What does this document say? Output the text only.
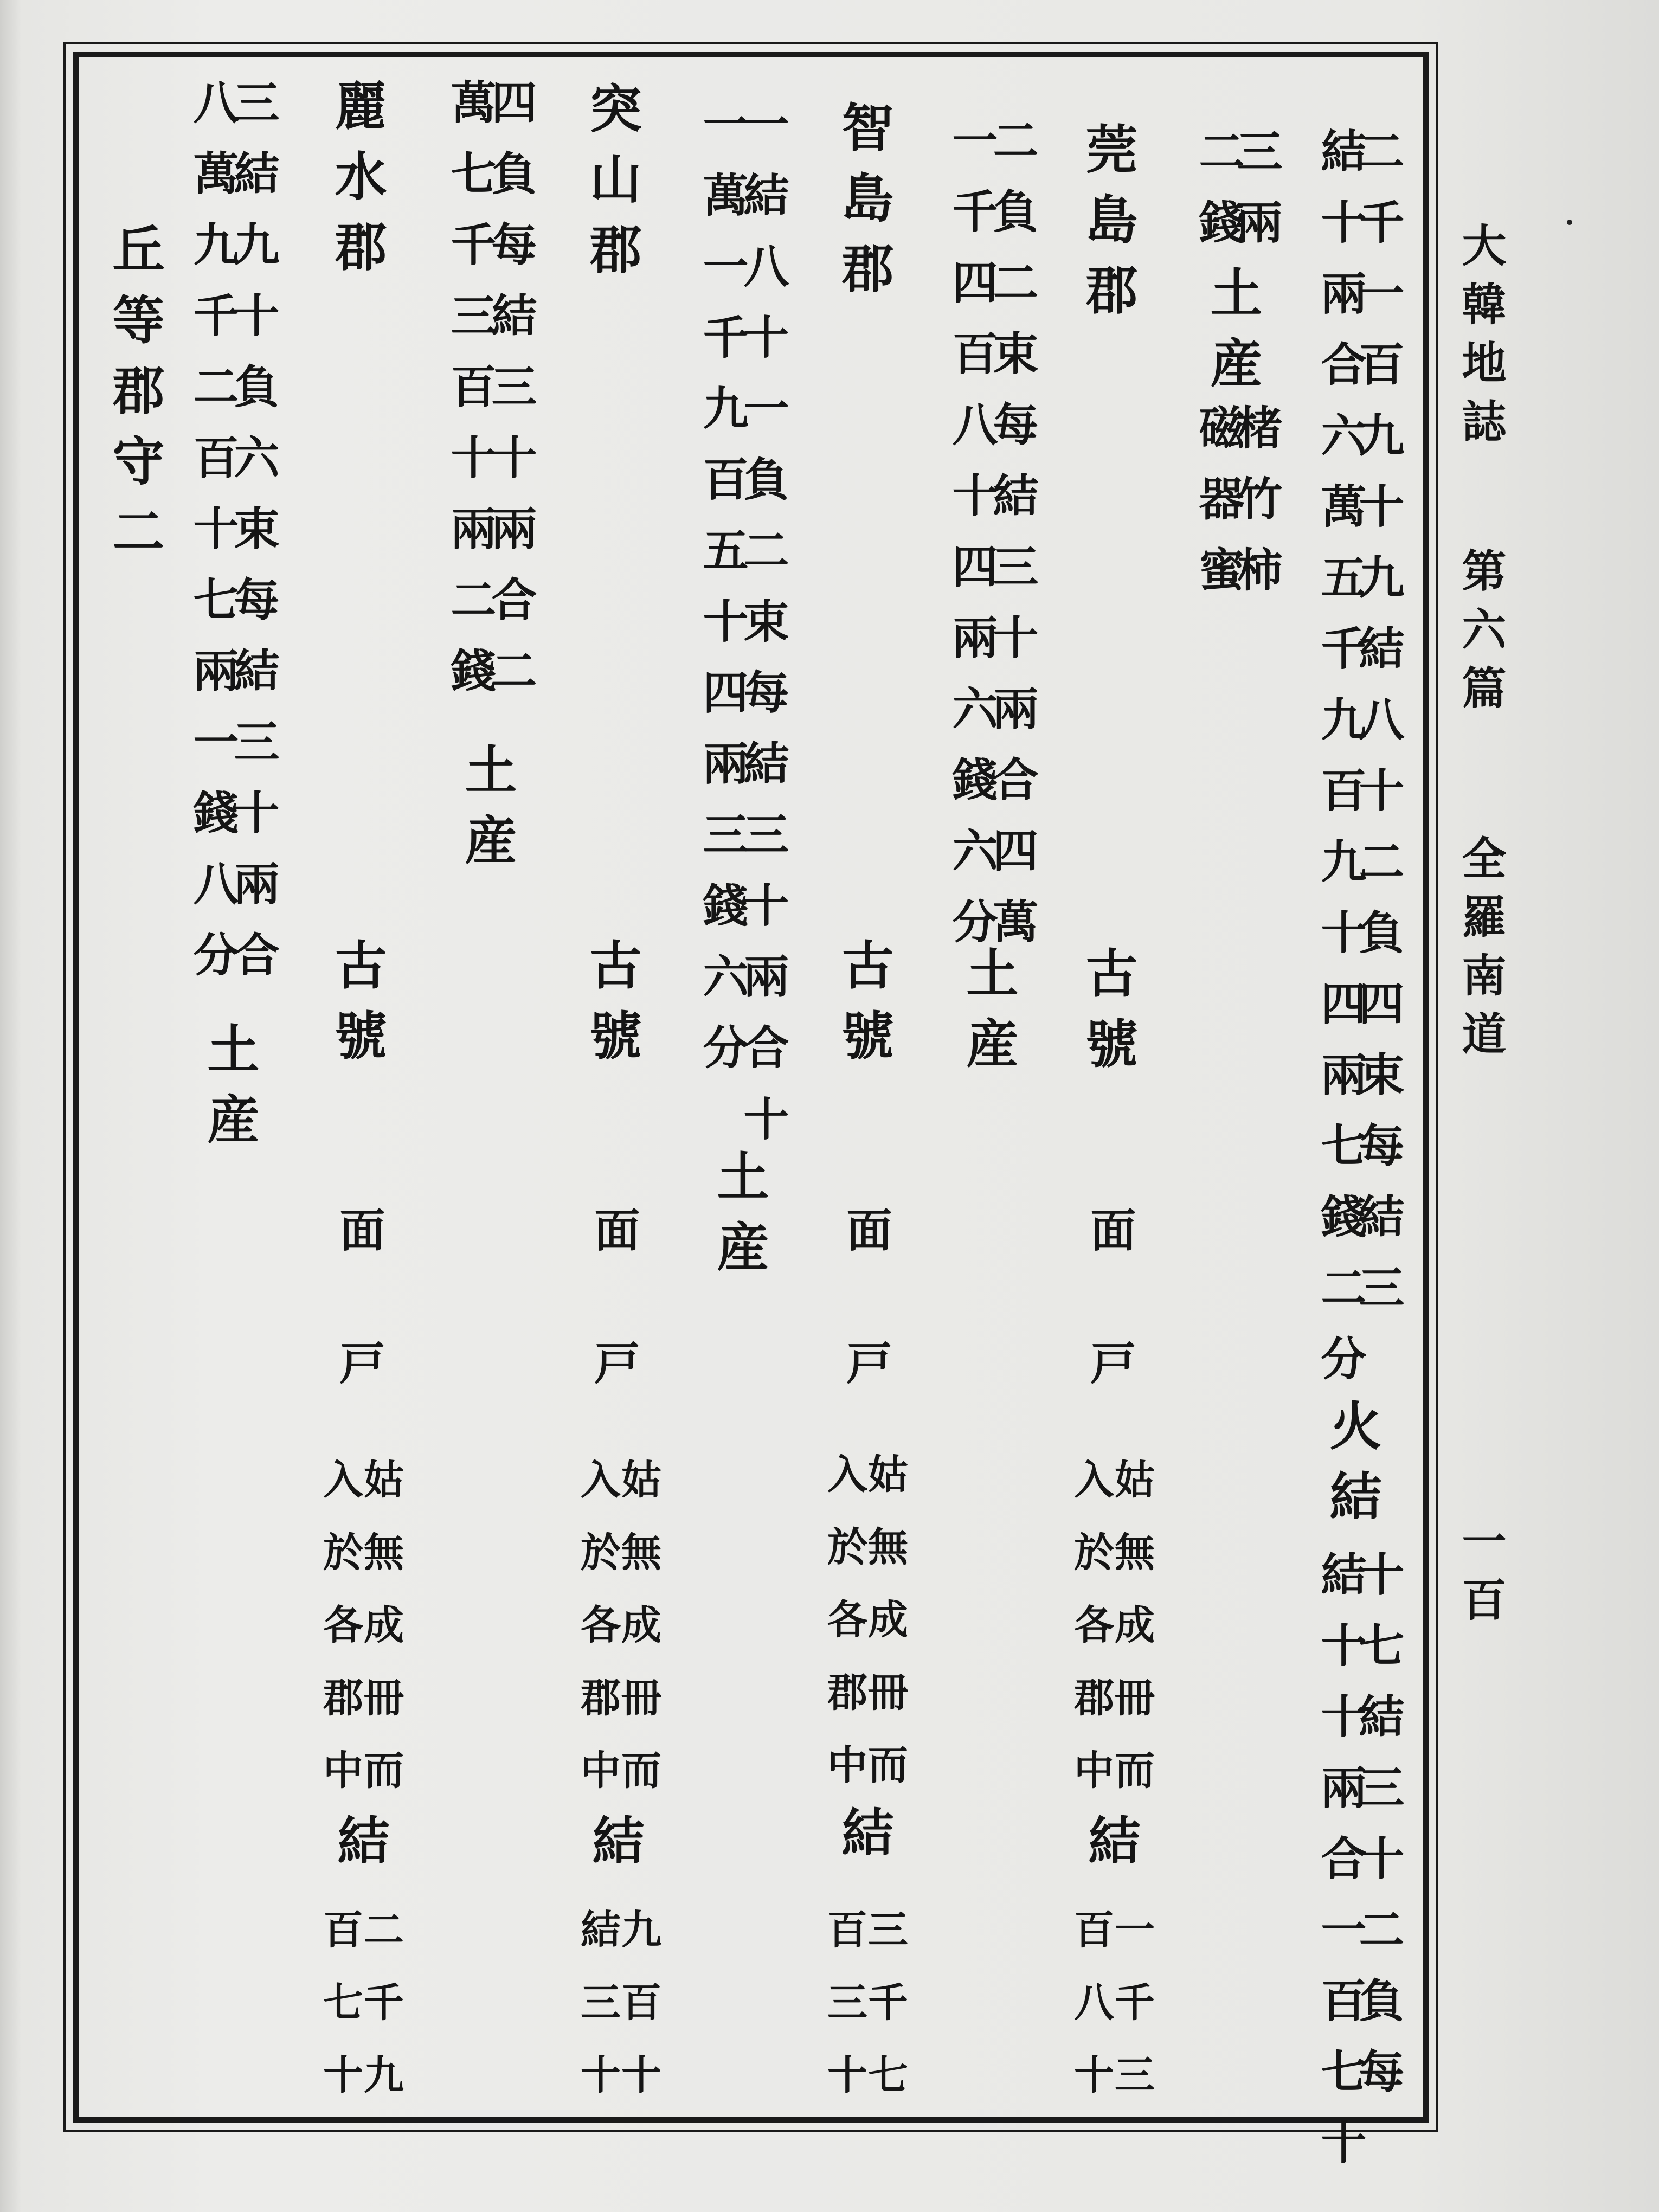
大韓地誌
第六篇
全羅南道
一百
結十兩合六萬五千九百九十四兩七錢二分
二千一百九十九結八十二負四束每結三
火結
結十十兩合一百七十
十七結三十二負每
二錢
三兩
土産
磁器蜜
楮竹柿
莞島郡
古號
面
戸
入於各郡中
姑無成冊而
結
百八十
一千三
一千四百八十四兩六錢六分
二負二束每結三十兩合四萬
土産
智島郡
古號
面
戸
入於各郡中
姑無成冊而
結
百三十
三千七
一萬一千九百五十四兩三錢六分
一結八十一負二束每結三十兩合
十
土産
突山郡
古號
面
戸
入於各郡中
姑無成冊而
結
結三十
九百十
萬七千三百十兩二錢
四負每結三十兩合二
土産
麗水郡
古號
面
戸
入於各郡中
姑無成冊而
結
百七十
二千九
八萬九千二百十七兩一錢八分
三結九十負六束每結三十兩合
土産
丘等郡守二
